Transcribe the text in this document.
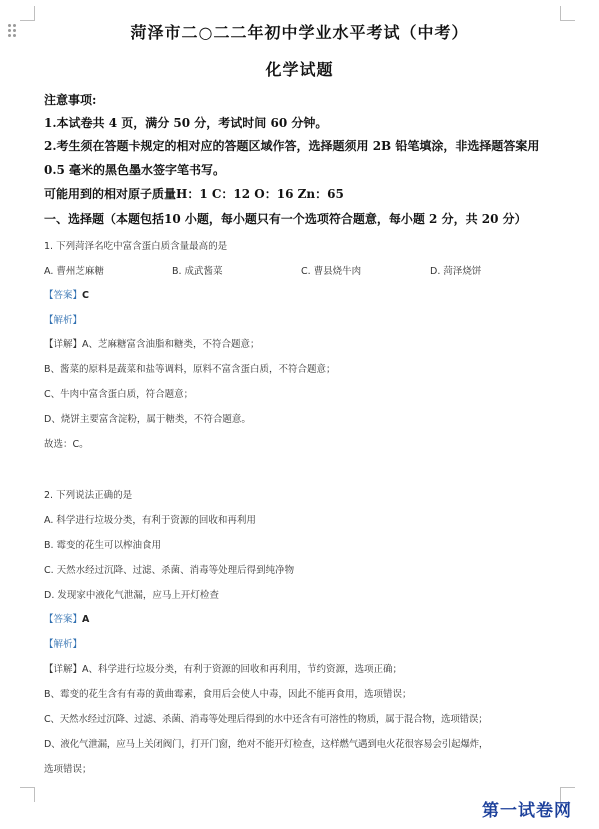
菏泽市二○二二年初中学业水平考试（中考）
化学试题
注意事项:
1.本试卷共 4 页，满分 50 分，考试时间 60 分钟。
2.考生须在答题卡规定的相对应的答题区域作答，选择题须用 2B 铅笔填涂，非选择题答案用
0.5 毫米的黑色墨水签字笔书写。
可能用到的相对原子质量H：1 C：12 O：16 Zn：65
一、选择题（本题包括10 小题，每小题只有一个选项符合题意，每小题 2 分，共 20 分）
1. 下列菏泽名吃中富含蛋白质含量最高的是
A. 曹州芝麻糖	B. 成武酱菜	C. 曹县烧牛肉	D. 菏泽烧饼
【答案】C
【解析】
【详解】A、芝麻糖富含油脂和糖类，不符合题意；
B、酱菜的原料是蔬菜和盐等调料，原料不富含蛋白质，不符合题意；
C、牛肉中富含蛋白质，符合题意；
D、烧饼主要富含淀粉，属于糖类，不符合题意。
故选：C。
2. 下列说法正确的是
A. 科学进行垃圾分类，有利于资源的回收和再利用
B. 霉变的花生可以榨油食用
C. 天然水经过沉降、过滤、杀菌、消毒等处理后得到纯净物
D. 发现家中液化气泄漏，应马上开灯检查
【答案】A
【解析】
【详解】A、科学进行垃圾分类，有利于资源的回收和再利用，节约资源，选项正确；
B、霉变的花生含有有毒的黄曲霉素，食用后会使人中毒，因此不能再食用，选项错误；
C、天然水经过沉降、过滤、杀菌、消毒等处理后得到的水中还含有可溶性的物质，属于混合物，选项错误；
D、液化气泄漏，应马上关闭阀门，打开门窗，绝对不能开灯检查，这样燃气遇到电火花很容易会引起爆炸，
选项错误；
第一试卷网
